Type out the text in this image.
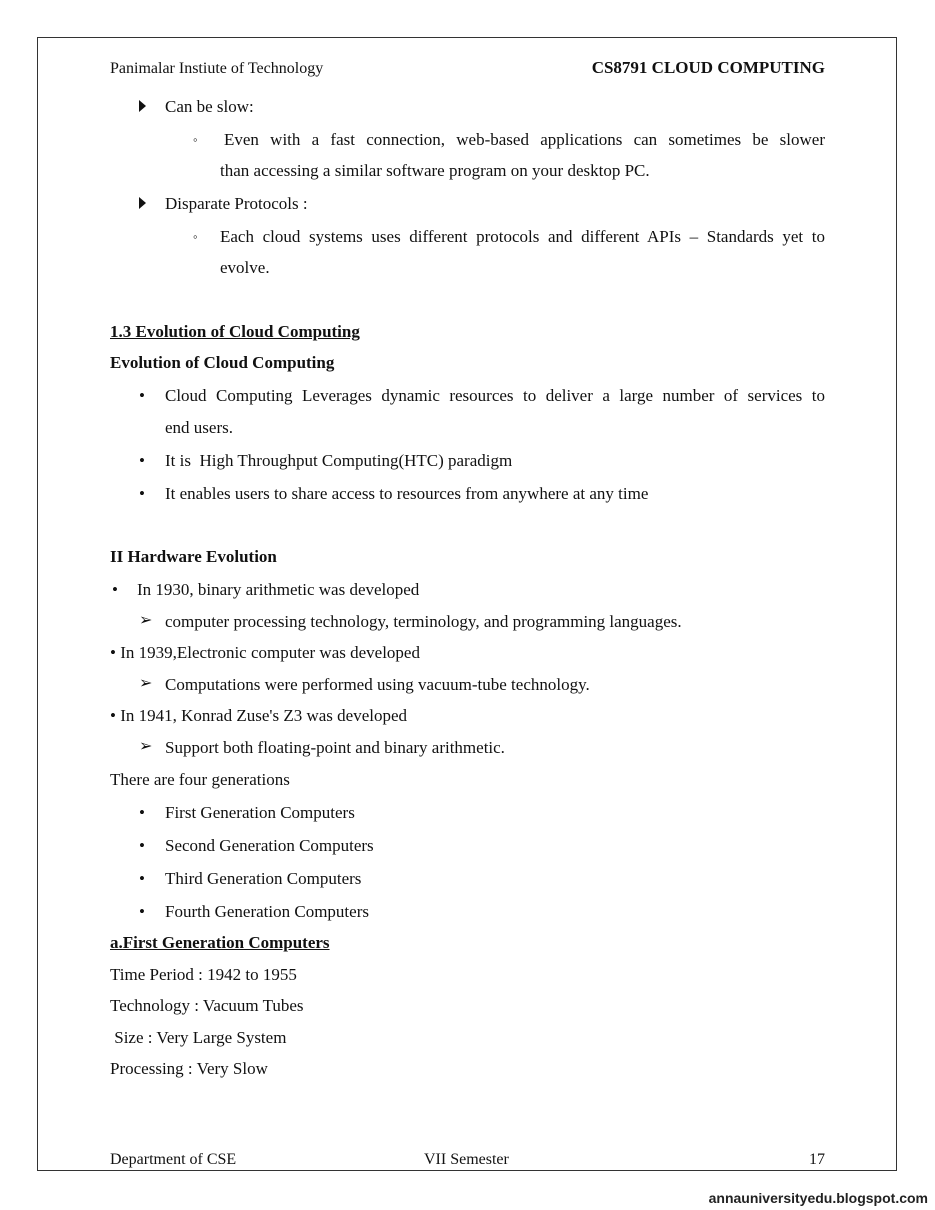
Panimalar Instiute of Technology	CS8791 CLOUD COMPUTING
Can be slow:
◦ Even with a fast connection, web-based applications can sometimes be slower
than accessing a similar software program on your desktop PC.
Disparate Protocols :
◦ Each cloud systems uses different protocols and different APIs – Standards yet to
evolve.
1.3 Evolution of Cloud Computing
Evolution of Cloud Computing
• Cloud Computing Leverages dynamic resources to deliver a large number of services to
end users.
• It is  High Throughput Computing(HTC) paradigm
• It enables users to share access to resources from anywhere at any time
II Hardware Evolution
• In 1930, binary arithmetic was developed
➢ computer processing technology, terminology, and programming languages.
• In 1939,Electronic computer was developed
➢ Computations were performed using vacuum-tube technology.
• In 1941, Konrad Zuse's Z3 was developed
➢ Support both floating-point and binary arithmetic.
There are four generations
• First Generation Computers
• Second Generation Computers
• Third Generation Computers
• Fourth Generation Computers
a.First Generation Computers
Time Period : 1942 to 1955
Technology : Vacuum Tubes
Size : Very Large System
Processing : Very Slow
Department of CSE	VII Semester	17
annauniversityedu.blogspot.com
